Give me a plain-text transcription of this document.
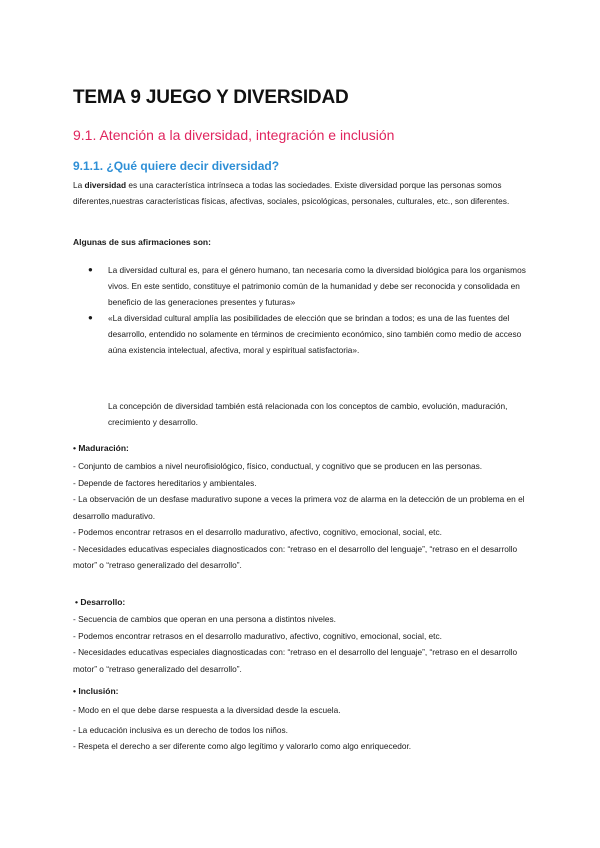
TEMA 9 JUEGO Y DIVERSIDAD
9.1. Atención a la diversidad, integración e inclusión
9.1.1. ¿Qué quiere decir diversidad?
La diversidad es una característica intrínseca a todas las sociedades. Existe diversidad porque las personas somos diferentes,nuestras características físicas, afectivas, sociales, psicológicas, personales, culturales, etc., son diferentes.
Algunas de sus afirmaciones son:
● La diversidad cultural es, para el género humano, tan necesaria como la diversidad biológica para los organismos vivos. En este sentido, constituye el patrimonio común de la humanidad y debe ser reconocida y consolidada en beneficio de las generaciones presentes y futuras»
● «La diversidad cultural amplía las posibilidades de elección que se brindan a todos; es una de las fuentes del desarrollo, entendido no solamente en términos de crecimiento económico, sino también como medio de acceso aúna existencia intelectual, afectiva, moral y espiritual satisfactoria».
La concepción de diversidad también está relacionada con los conceptos de cambio, evolución, maduración, crecimiento y desarrollo.
• Maduración:
- Conjunto de cambios a nivel neurofisiológico, físico, conductual, y cognitivo que se producen en las personas.
- Depende de factores hereditarios y ambientales.
- La observación de un desfase madurativo supone a veces la primera voz de alarma en la detección de un problema en el desarrollo madurativo.
- Podemos encontrar retrasos en el desarrollo madurativo, afectivo, cognitivo, emocional, social, etc.
- Necesidades educativas especiales diagnosticados con: “retraso en el desarrollo del lenguaje”, “retraso en el desarrollo motor” o “retraso generalizado del desarrollo”.
• Desarrollo:
- Secuencia de cambios que operan en una persona a distintos niveles.
- Podemos encontrar retrasos en el desarrollo madurativo, afectivo, cognitivo, emocional, social, etc.
- Necesidades educativas especiales diagnosticadas con: “retraso en el desarrollo del lenguaje”, “retraso en el desarrollo motor” o “retraso generalizado del desarrollo”.
• Inclusión:
- Modo en el que debe darse respuesta a la diversidad desde la escuela.
- La educación inclusiva es un derecho de todos los niños.
- Respeta el derecho a ser diferente como algo legítimo y valorarlo como algo enriquecedor.
